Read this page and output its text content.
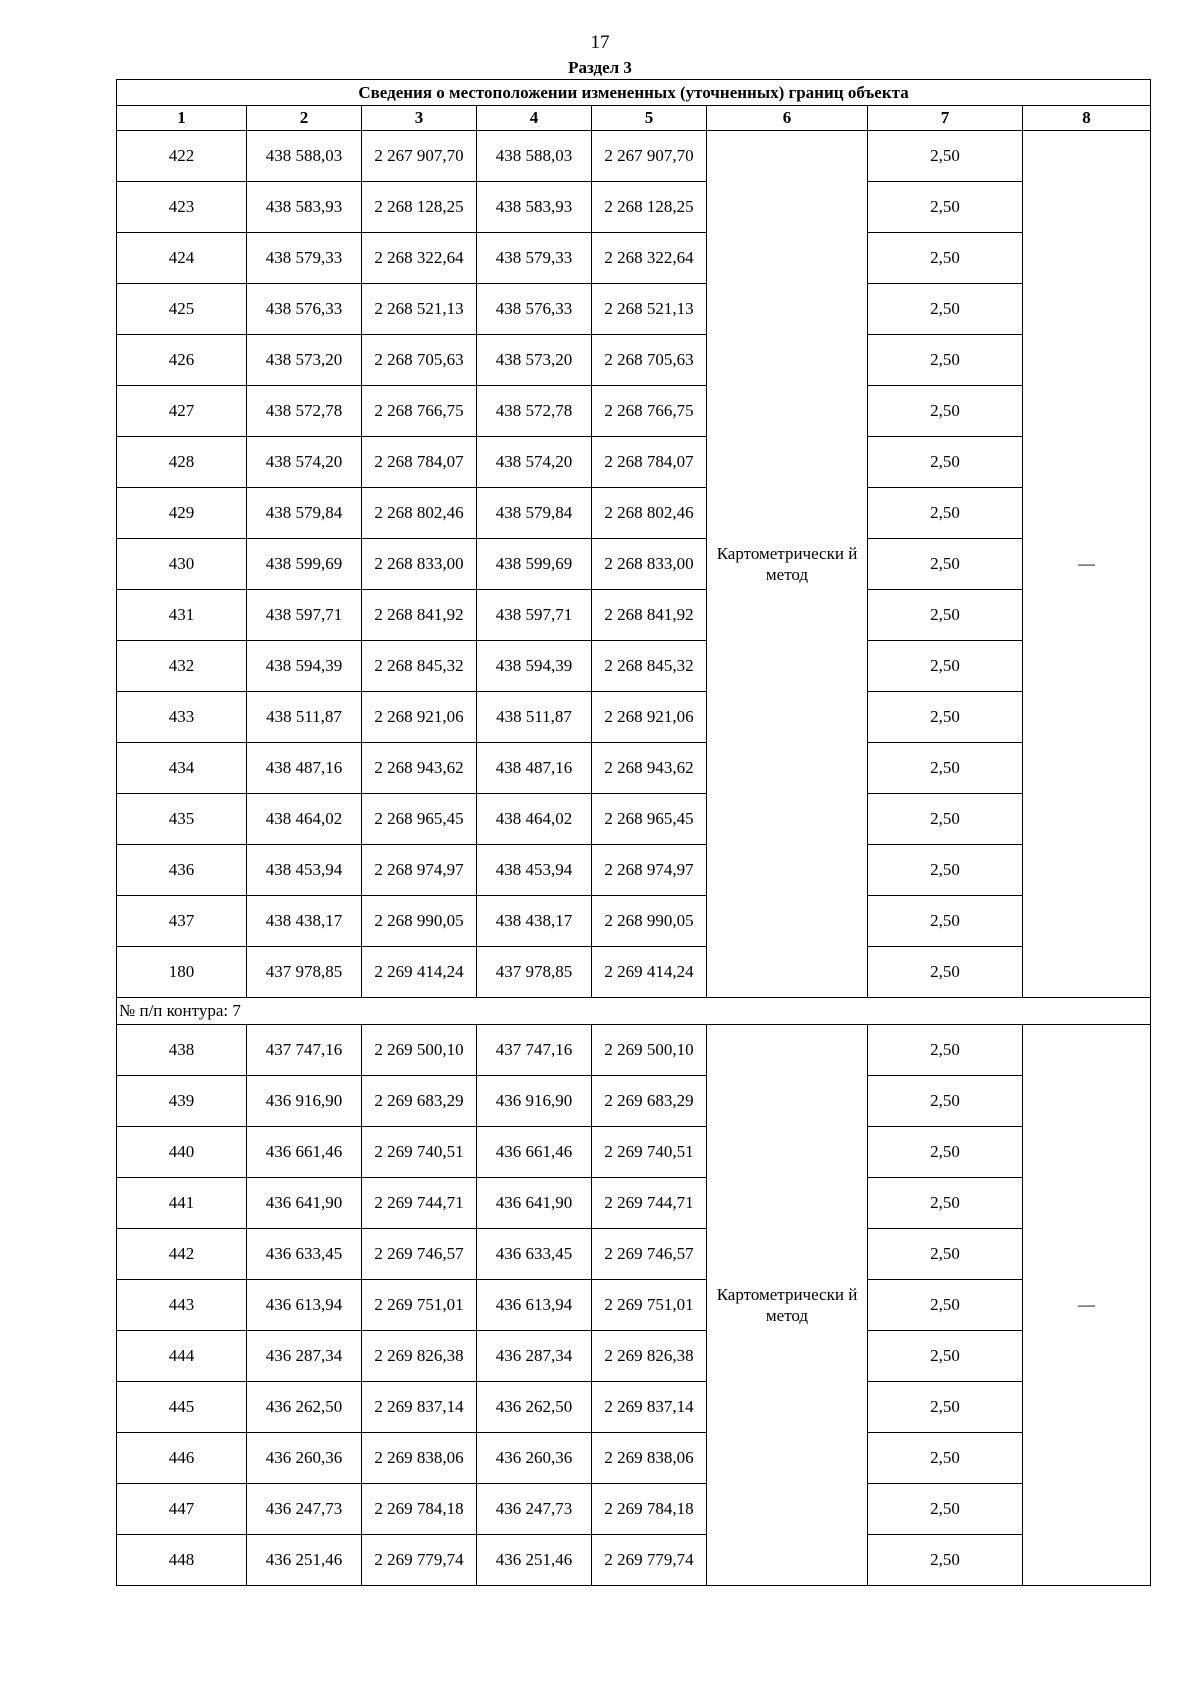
17
Раздел 3
Сведения о местоположении измененных (уточненных) границ объекта							
1	2	3	4	5	6	7	8
422	438 588,03	2 267 907,70	438 588,03	2 267 907,70	Картометрически й метод	2,50	—
423	438 583,93	2 268 128,25	438 583,93	2 268 128,25		2,50	
424	438 579,33	2 268 322,64	438 579,33	2 268 322,64		2,50	
425	438 576,33	2 268 521,13	438 576,33	2 268 521,13		2,50	
426	438 573,20	2 268 705,63	438 573,20	2 268 705,63		2,50	
427	438 572,78	2 268 766,75	438 572,78	2 268 766,75		2,50	
428	438 574,20	2 268 784,07	438 574,20	2 268 784,07		2,50	
429	438 579,84	2 268 802,46	438 579,84	2 268 802,46		2,50	
430	438 599,69	2 268 833,00	438 599,69	2 268 833,00		2,50	
431	438 597,71	2 268 841,92	438 597,71	2 268 841,92		2,50	
432	438 594,39	2 268 845,32	438 594,39	2 268 845,32		2,50	
433	438 511,87	2 268 921,06	438 511,87	2 268 921,06		2,50	
434	438 487,16	2 268 943,62	438 487,16	2 268 943,62		2,50	
435	438 464,02	2 268 965,45	438 464,02	2 268 965,45		2,50	
436	438 453,94	2 268 974,97	438 453,94	2 268 974,97		2,50	
437	438 438,17	2 268 990,05	438 438,17	2 268 990,05		2,50	
180	437 978,85	2 269 414,24	437 978,85	2 269 414,24		2,50	
№ п/п контура: 7							
438	437 747,16	2 269 500,10	437 747,16	2 269 500,10	Картометрически й метод	2,50	—
439	436 916,90	2 269 683,29	436 916,90	2 269 683,29		2,50	
440	436 661,46	2 269 740,51	436 661,46	2 269 740,51		2,50	
441	436 641,90	2 269 744,71	436 641,90	2 269 744,71		2,50	
442	436 633,45	2 269 746,57	436 633,45	2 269 746,57		2,50	
443	436 613,94	2 269 751,01	436 613,94	2 269 751,01		2,50	
444	436 287,34	2 269 826,38	436 287,34	2 269 826,38		2,50	
445	436 262,50	2 269 837,14	436 262,50	2 269 837,14		2,50	
446	436 260,36	2 269 838,06	436 260,36	2 269 838,06		2,50	
447	436 247,73	2 269 784,18	436 247,73	2 269 784,18		2,50	
448	436 251,46	2 269 779,74	436 251,46	2 269 779,74		2,50	
